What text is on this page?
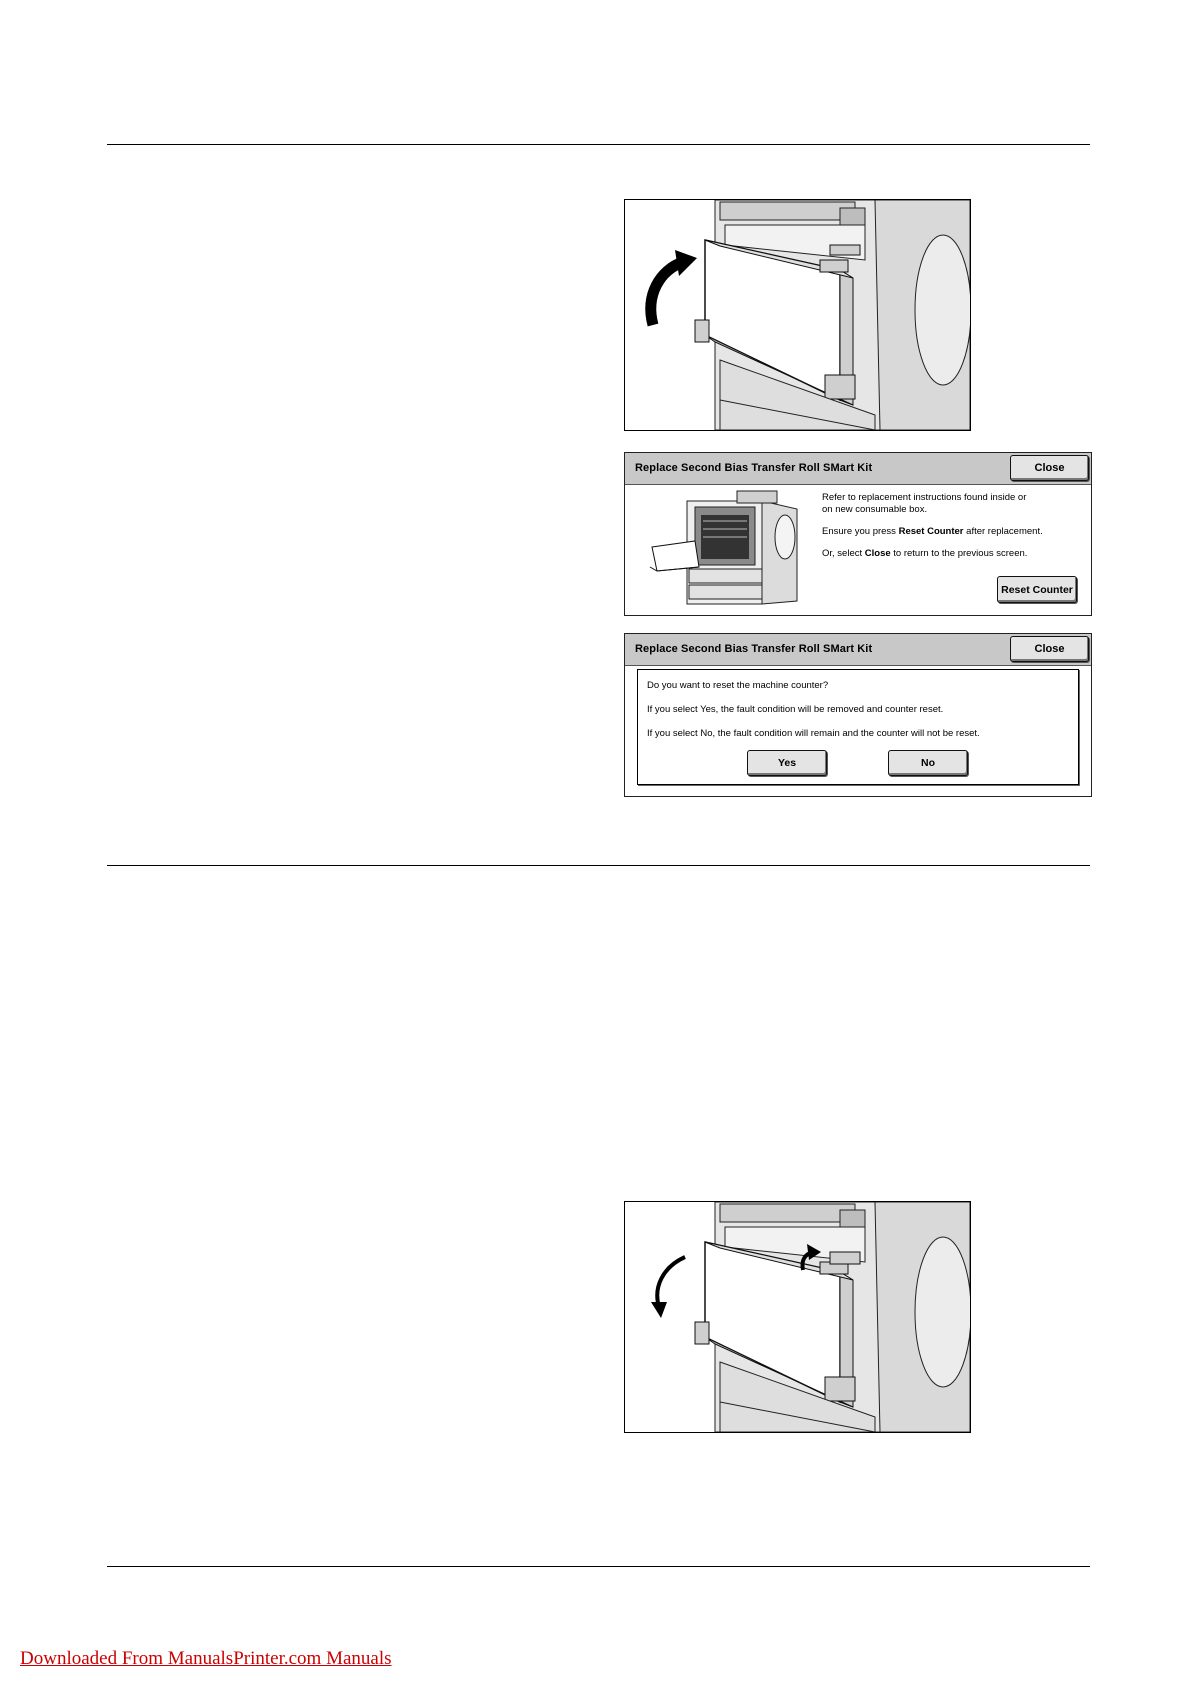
Replace Second Bias Transfer Roll SMart Kit	Close
Refer to replacement instructions found inside or
on new consumable box.
Ensure you press Reset Counter after replacement.
Or, select Close to return to the previous screen.
Reset Counter
Replace Second Bias Transfer Roll SMart Kit	Close
Do you want to reset the machine counter?
If you select Yes, the fault condition will be removed and counter reset.
If you select No, the fault condition will remain and the counter will not be reset.
Yes	No
Downloaded From ManualsPrinter.com Manuals
